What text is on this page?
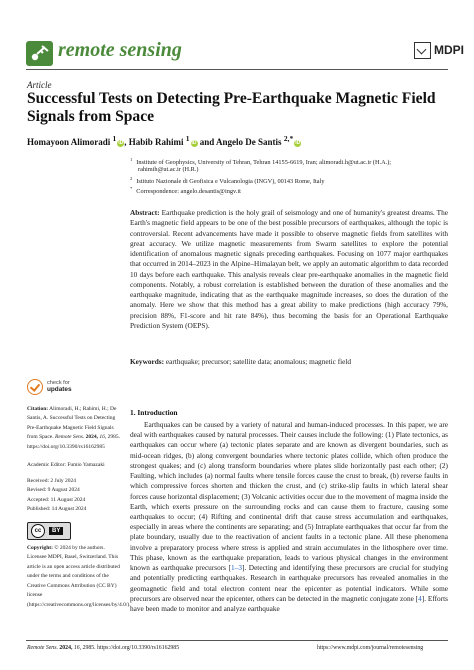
remote sensing	MDPI
Article
Successful Tests on Detecting Pre-Earthquake Magnetic Field Signals from Space
Homayoon Alimoradi $^1$ iD, Habib Rahimi $^1$ iD and Angelo De Santis $^{2,*}$ iD
$^1$ Institute of Geophysics, University of Tehran, Tehran 14155-6619, Iran; alimoradi.h@ut.ac.ir (H.A.);
rahimih@ut.ac.ir (H.R.)
$^2$ Istituto Nazionale di Geofisica e Vulcanologia (INGV), 00143 Rome, Italy
* Correspondence: angelo.desantis@ingv.it
Abstract: Earthquake prediction is the holy grail of seismology and one of humanity's greatest dreams. The Earth's magnetic field appears to be one of the best possible precursors of earthquakes, although the topic is controversial. Recent advancements have made it possible to observe magnetic fields from satellites with great accuracy. We utilize magnetic measurements from Swarm satellites to explore the potential identification of anomalous magnetic signals preceding earthquakes. Focusing on 1077 major earthquakes that occurred in 2014–2023 in the Alpine–Himalayan belt, we apply an automatic algorithm to data recorded 10 days before each earthquake. This analysis reveals clear pre-earthquake anomalies in the magnetic field components. Notably, a robust correlation is established between the duration of these anomalies and the earthquake magnitude, indicating that as the earthquake magnitude increases, so does the duration of the anomaly. Here we show that this method has a great ability to make predictions (high accuracy 79%, precision 88%, F1-score and hit rate 84%), thus becoming the basis for an Operational Earthquake Prediction System (OEPS).
Keywords: earthquake; precursor; satellite data; anomalous; magnetic field
check for
updates
Citation: Alimoradi, H.; Rahimi, H.; De Santis, A. Successful Tests on Detecting Pre-Earthquake Magnetic Field Signals from Space. Remote Sens. 2024, 16, 2985. https://doi.org/10.3390/rs16162985
Academic Editor: Fumio Yamazaki
Received: 2 July 2024
Revised: 9 August 2024
Accepted: 11 August 2024
Published: 14 August 2024
cc	BY
Copyright: © 2024 by the authors. Licensee MDPI, Basel, Switzerland. This article is an open access article distributed under the terms and conditions of the Creative Commons Attribution (CC BY) license (https://creativecommons.org/licenses/by/4.0/).
1. Introduction
Earthquakes can be caused by a variety of natural and human-induced processes. In this paper, we are deal with earthquakes caused by natural processes. Their causes include the following: (1) Plate tectonics, as earthquakes can occur where (a) tectonic plates separate and are known as divergent boundaries, such as mid-ocean ridges, (b) along convergent boundaries where tectonic plates collide, which often produce the strongest quakes; and (c) along transform boundaries where plates slide horizontally past each other; (2) Faulting, which includes (a) normal faults where tensile forces cause the crust to break, (b) reverse faults in which compressive forces shorten and thicken the crust, and (c) strike-slip faults in which lateral shear forces cause horizontal displacement; (3) Volcanic activities occur due to the movement of magma inside the Earth, which exerts pressure on the surrounding rocks and can cause them to fracture, causing some earthquakes to occur; (4) Rifting and continental drift that cause stress accumulation and earthquakes, especially in areas where the continents are separating; and (5) Intraplate earthquakes that occur far from the plate boundary, usually due to the reactivation of ancient faults in a tectonic plane. All these phenomena involve a preparatory process where stress is applied and strain accumulates in the lithosphere over time. This phase, known as the earthquake preparation, leads to various physical changes in the environment known as earthquake precursors [1–3]. Detecting and identifying these precursors are crucial for studying and potentially predicting earthquakes. Research in earthquake precursors has revealed anomalies in the geomagnetic field and total electron content near the epicenter as potential indicators. While some precursors are observed near the epicenter, others can be detected in the magnetic conjugate zone [4]. Efforts have been made to monitor and analyze earthquake
Remote Sens. 2024, 16, 2985. https://doi.org/10.3390/rs16162985	https://www.mdpi.com/journal/remotesensing
